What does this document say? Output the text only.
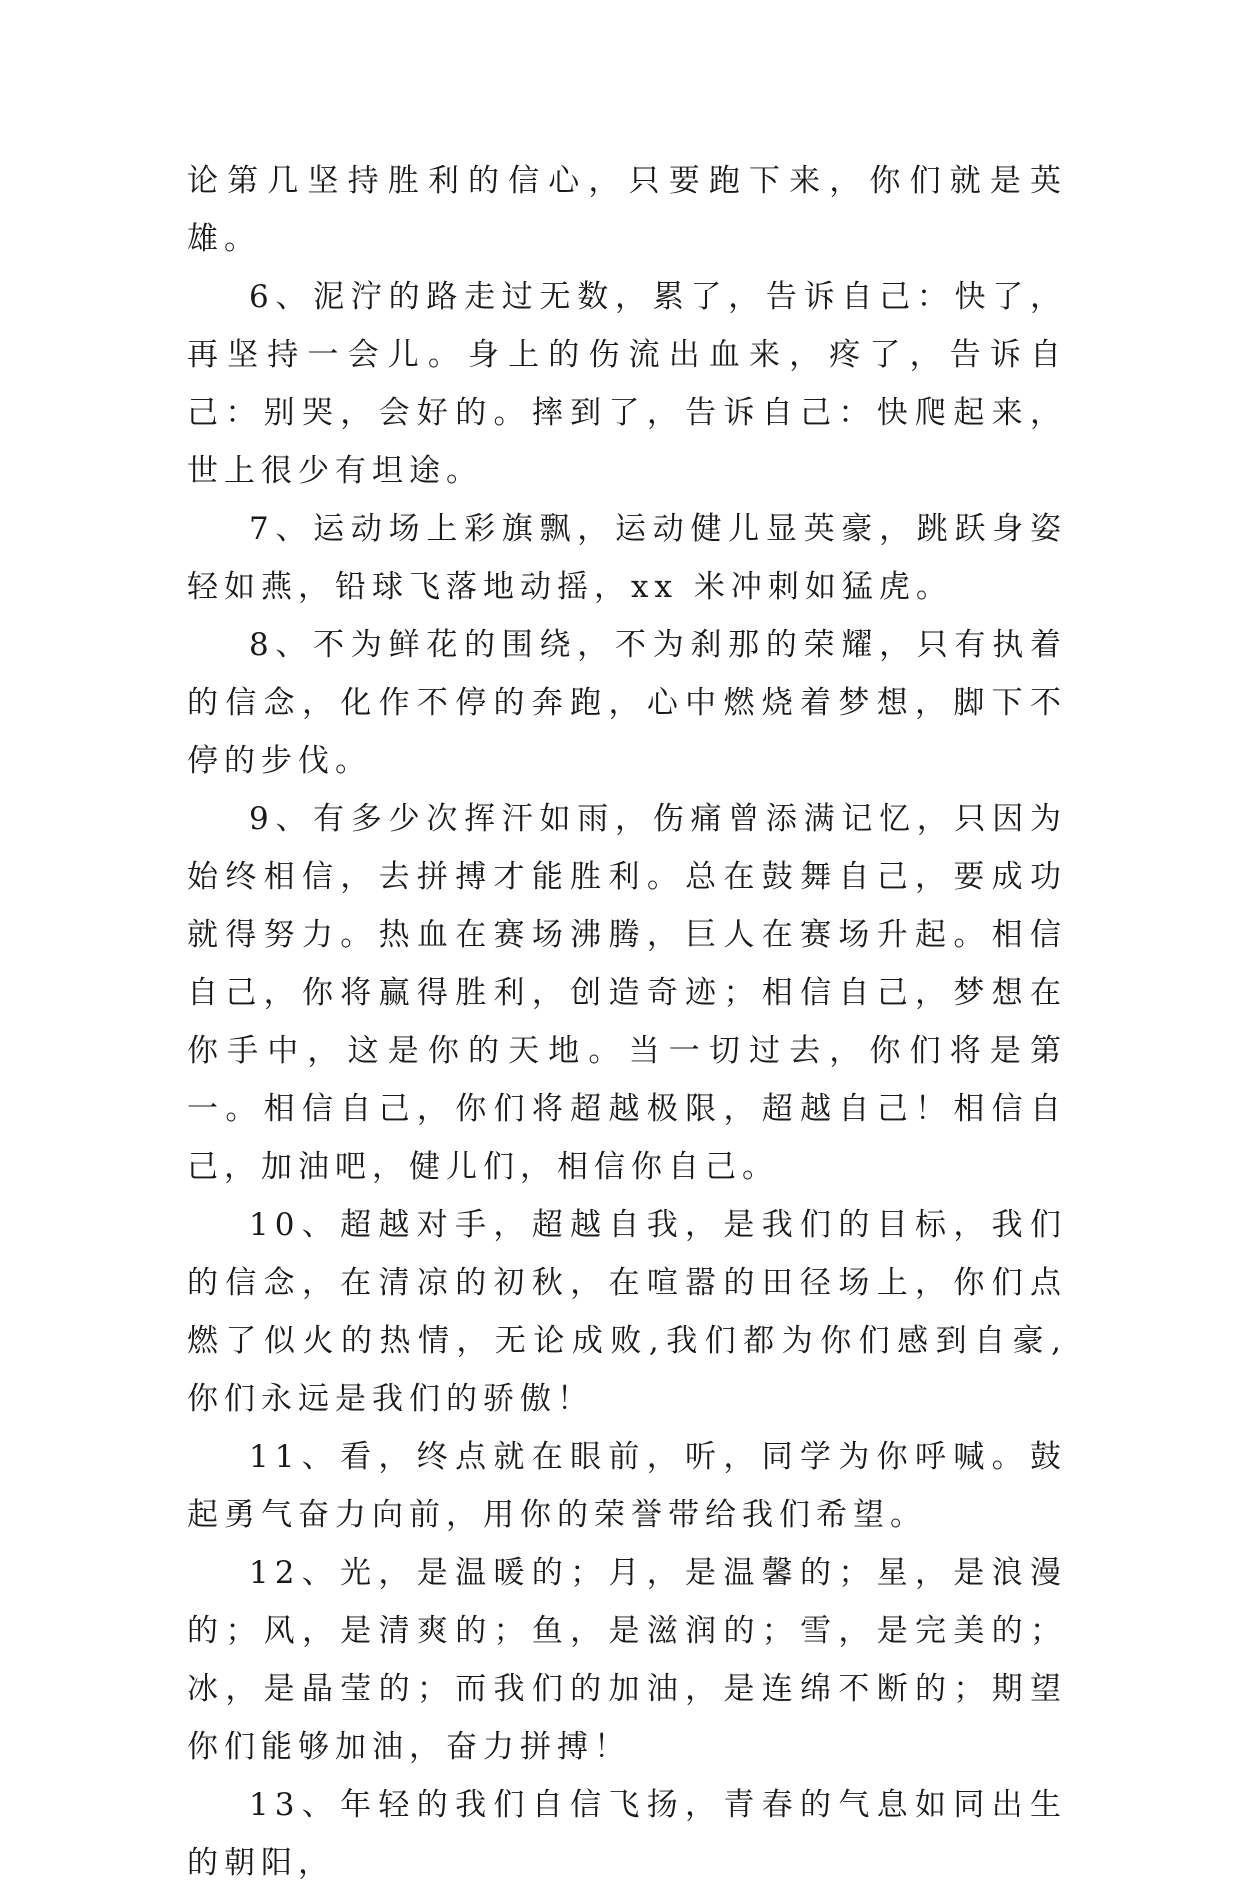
论第几坚持胜利的信心，只要跑下来，你们就是英雄。

6、泥泞的路走过无数，累了，告诉自己：快了，再坚持一会儿。身上的伤流出血来，疼了，告诉自己：别哭，会好的。摔到了，告诉自己：快爬起来，世上很少有坦途。

7、运动场上彩旗飘，运动健儿显英豪，跳跃身姿轻如燕，铅球飞落地动摇，xx 米冲刺如猛虎。

8、不为鲜花的围绕，不为刹那的荣耀，只有执着的信念，化作不停的奔跑，心中燃烧着梦想，脚下不停的步伐。

9、有多少次挥汗如雨，伤痛曾添满记忆，只因为始终相信，去拼搏才能胜利。总在鼓舞自己，要成功就得努力。热血在赛场沸腾，巨人在赛场升起。相信自己，你将赢得胜利，创造奇迹；相信自己，梦想在你手中，这是你的天地。当一切过去，你们将是第一。相信自己，你们将超越极限，超越自己！相信自己，加油吧，健儿们，相信你自己。

10、超越对手，超越自我，是我们的目标，我们的信念，在清凉的初秋，在喧嚣的田径场上，你们点燃了似火的热情，无论成败,我们都为你们感到自豪,你们永远是我们的骄傲！

11、看，终点就在眼前，听，同学为你呼喊。鼓起勇气奋力向前，用你的荣誉带给我们希望。

12、光，是温暖的；月，是温馨的；星，是浪漫的；风，是清爽的；鱼，是滋润的；雪，是完美的；冰，是晶莹的；而我们的加油，是连绵不断的；期望你们能够加油，奋力拼搏！

13、年轻的我们自信飞扬，青春的气息如同出生的朝阳，
